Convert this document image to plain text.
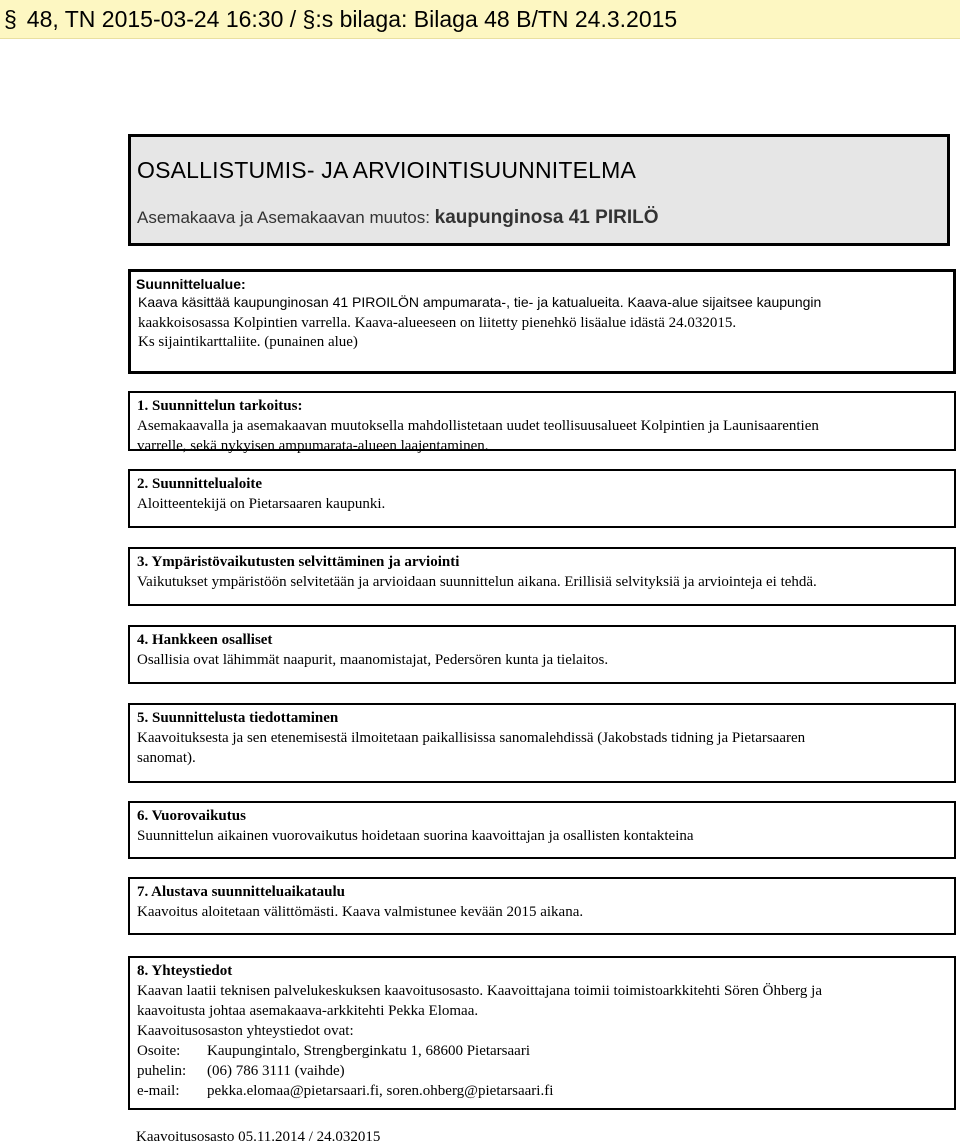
§ 48, TN 2015-03-24 16:30 / §:s bilaga: Bilaga 48 B/TN 24.3.2015
OSALLISTUMIS- JA ARVIOINTISUUNNITELMA
Asemakaava ja Asemakaavan muutos: kaupunginosa 41 PIRILÖ
Suunnittelualue:
Kaava käsittää kaupunginosan 41 PIROILÖN ampumarata-, tie- ja katualueita. Kaava-alue sijaitsee kaupungin
kaakkoisosassa Kolpintien varrella. Kaava-alueeseen on liitetty pienehkö lisäalue idästä 24.032015.
Ks sijaintikarttaliite. (punainen alue)
1. Suunnittelun tarkoitus:
Asemakaavalla ja asemakaavan muutoksella mahdollistetaan uudet teollisuusalueet Kolpintien ja Launisaarentien
varrelle, sekä nykyisen ampumarata-alueen laajentaminen.
2. Suunnittelualoite
Aloitteentekijä on Pietarsaaren kaupunki.
3. Ympäristövaikutusten selvittäminen ja arviointi
Vaikutukset ympäristöön selvitetään ja arvioidaan suunnittelun aikana. Erillisiä selvityksiä ja arviointeja ei tehdä.
4. Hankkeen osalliset
Osallisia ovat lähimmät naapurit, maanomistajat, Pedersören kunta ja tielaitos.
5. Suunnittelusta tiedottaminen
Kaavoituksesta ja sen etenemisestä ilmoitetaan paikallisissa sanomalehdissä (Jakobstads tidning ja Pietarsaaren
sanomat).
6. Vuorovaikutus
Suunnittelun aikainen vuorovaikutus hoidetaan suorina kaavoittajan ja osallisten kontakteina
7. Alustava suunnitteluaikataulu
Kaavoitus aloitetaan välittömästi. Kaava valmistunee kevään 2015 aikana.
8. Yhteystiedot
Kaavan laatii teknisen palvelukeskuksen kaavoitusosasto. Kaavoittajana toimii toimistoarkkitehti Sören Öhberg ja
kaavoitusta johtaa asemakaava-arkkitehti Pekka Elomaa.
Kaavoitusosaston yhteystiedot ovat:
Osoite: Kaupungintalo, Strengberginkatu 1, 68600 Pietarsaari
puhelin: (06) 786 3111 (vaihde)
e-mail: pekka.elomaa@pietarsaari.fi, soren.ohberg@pietarsaari.fi
Kaavoitusosasto 05.11.2014 / 24.032015
